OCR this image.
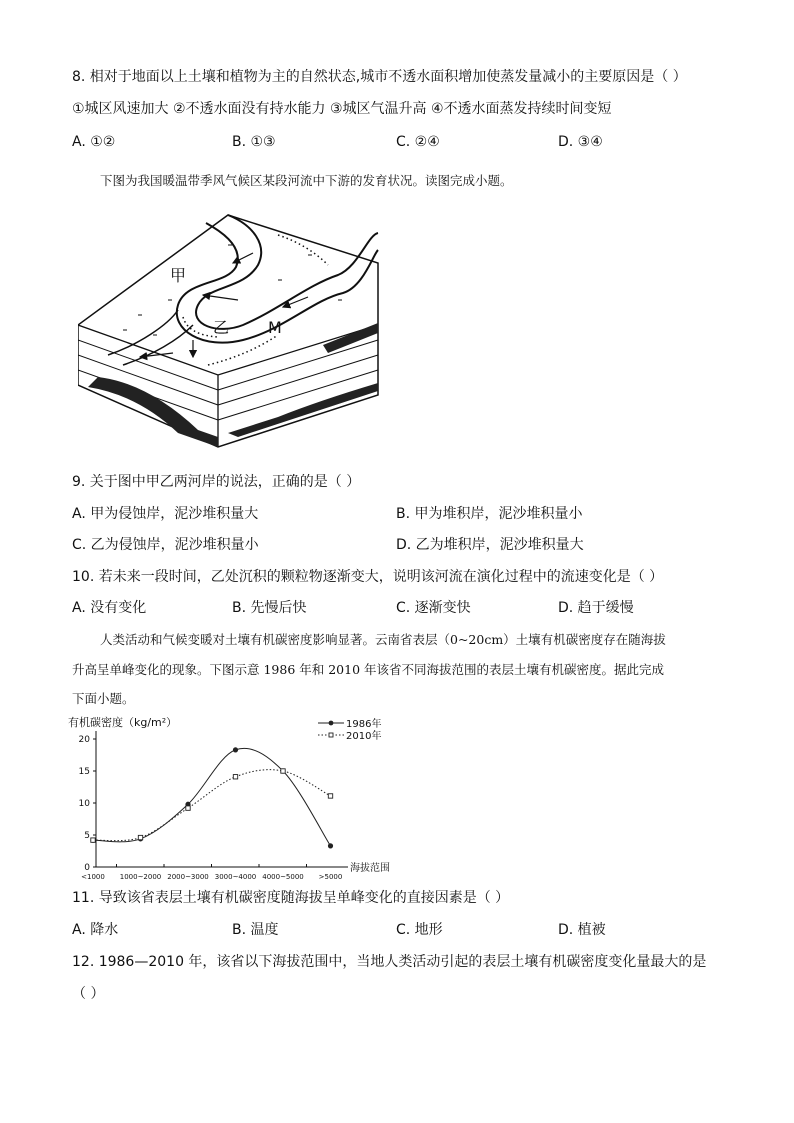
8. 相对于地面以上土壤和植物为主的自然状态,城市不透水面积增加使蒸发量减小的主要原因是（ ）
①城区风速加大 ②不透水面没有持水能力 ③城区气温升高 ④不透水面蒸发持续时间变短
A. ①②	B. ①③	C. ②④	D. ③④
下图为我国暖温带季风气候区某段河流中下游的发育状况。读图完成小题。
甲
乙 M
9. 关于图中甲乙两河岸的说法，正确的是（ ）
A. 甲为侵蚀岸，泥沙堆积量大	B. 甲为堆积岸，泥沙堆积量小
C. 乙为侵蚀岸，泥沙堆积量小	D. 乙为堆积岸，泥沙堆积量大
10. 若未来一段时间，乙处沉积的颗粒物逐渐变大，说明该河流在演化过程中的流速变化是（ ）
A. 没有变化	B. 先慢后快	C. 逐渐变快	D. 趋于缓慢
人类活动和气候变暖对土壤有机碳密度影响显著。云南省表层（0~20cm）土壤有机碳密度存在随海拔
升高呈单峰变化的现象。下图示意 1986 年和 2010 年该省不同海拔范围的表层土壤有机碳密度。据此完成
下面小题。
有机碳密度（kg/m²）
海拔范围
0
5
10
15
20
<1000 1000~2000 2000~3000 3000~4000 4000~5000 >5000
1986年
2010年
11. 导致该省表层土壤有机碳密度随海拔呈单峰变化的直接因素是（ ）
A. 降水	B. 温度	C. 地形	D. 植被
12. 1986—2010 年，该省以下海拔范围中，当地人类活动引起的表层土壤有机碳密度变化量最大的是
（ ）
